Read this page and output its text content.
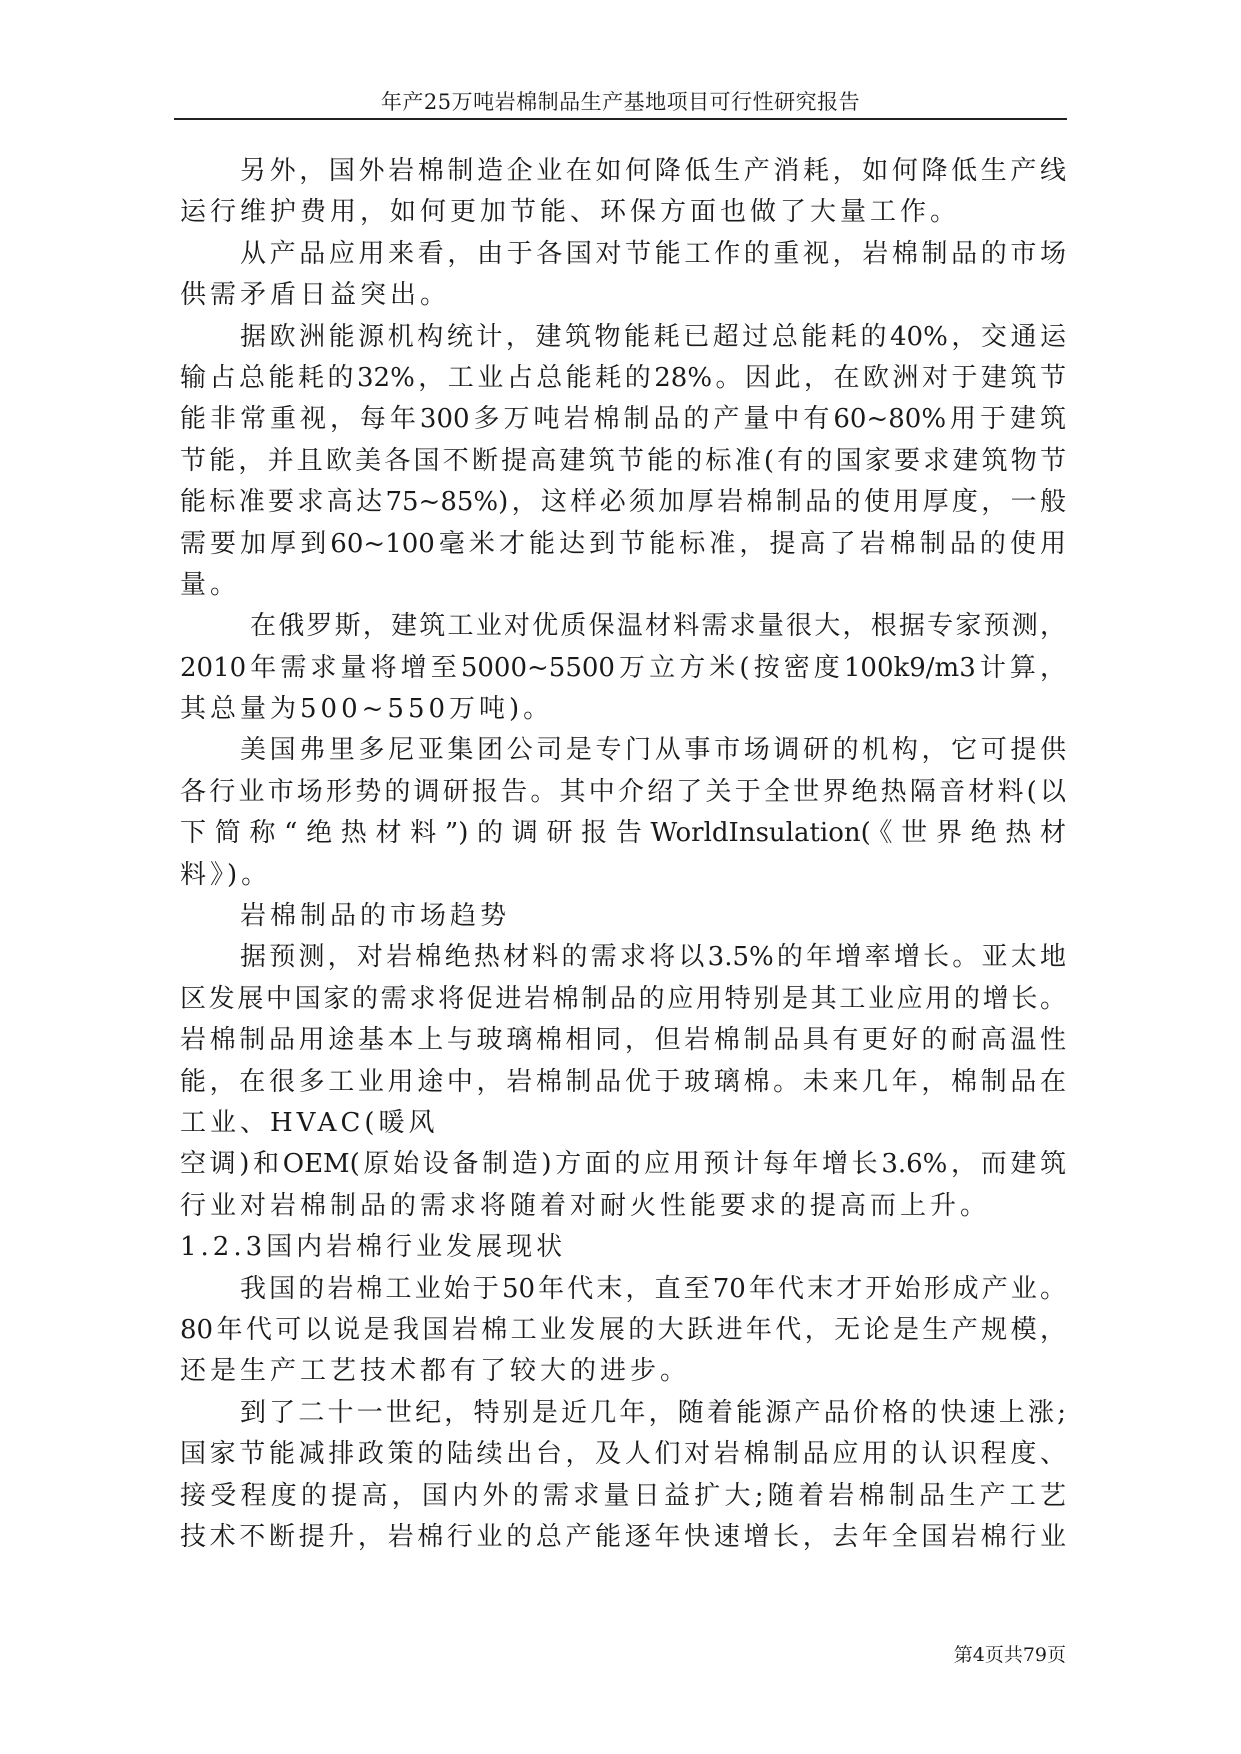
年产25万吨岩棉制品生产基地项目可行性研究报告
另外，国外岩棉制造企业在如何降低生产消耗，如何降低生产线
运行维护费用，如何更加节能、环保方面也做了大量工作。
从产品应用来看，由于各国对节能工作的重视，岩棉制品的市场
供需矛盾日益突出。
据欧洲能源机构统计，建筑物能耗已超过总能耗的40%，交通运
输占总能耗的32%，工业占总能耗的28%。因此，在欧洲对于建筑节
能非常重视，每年300多万吨岩棉制品的产量中有60~80%用于建筑
节能，并且欧美各国不断提高建筑节能的标准(有的国家要求建筑物节
能标准要求高达75~85%)，这样必须加厚岩棉制品的使用厚度，一般
需要加厚到60~100毫米才能达到节能标准，提高了岩棉制品的使用
量。
在俄罗斯，建筑工业对优质保温材料需求量很大，根据专家预测，
2010年需求量将增至5000~5500万立方米(按密度100k9/m3计算，
其总量为500~550万吨)。
美国弗里多尼亚集团公司是专门从事市场调研的机构，它可提供
各行业市场形势的调研报告。其中介绍了关于全世界绝热隔音材料(以
下简称“绝热材料”)的调研报告WorldInsulation(《世界绝热材
料》)。
岩棉制品的市场趋势
据预测，对岩棉绝热材料的需求将以3.5%的年增率增长。亚太地
区发展中国家的需求将促进岩棉制品的应用特别是其工业应用的增长。
岩棉制品用途基本上与玻璃棉相同，但岩棉制品具有更好的耐高温性
能，在很多工业用途中，岩棉制品优于玻璃棉。未来几年，棉制品在
工业、HVAC(暖风
空调)和OEM(原始设备制造)方面的应用预计每年增长3.6%，而建筑
行业对岩棉制品的需求将随着对耐火性能要求的提高而上升。
1.2.3国内岩棉行业发展现状
我国的岩棉工业始于50年代末，直至70年代末才开始形成产业。
80年代可以说是我国岩棉工业发展的大跃进年代，无论是生产规模，
还是生产工艺技术都有了较大的进步。
到了二十一世纪，特别是近几年，随着能源产品价格的快速上涨;
国家节能减排政策的陆续出台，及人们对岩棉制品应用的认识程度、
接受程度的提高，国内外的需求量日益扩大;随着岩棉制品生产工艺
技术不断提升，岩棉行业的总产能逐年快速增长，去年全国岩棉行业
第4页共79页
